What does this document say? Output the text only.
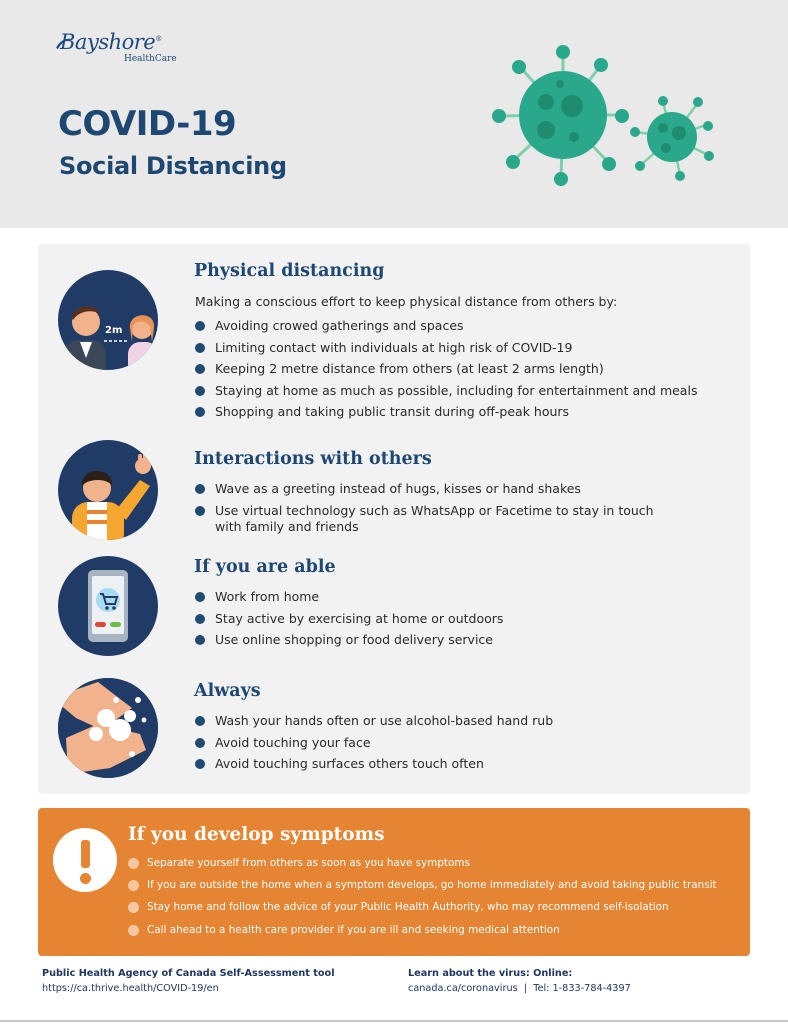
Bayshore®
HealthCare
COVID-19
Social Distancing
2m
Physical distancing
Making a conscious effort to keep physical distance from others by:
Avoiding crowed gatherings and spaces
Limiting contact with individuals at high risk of COVID-19
Keeping 2 metre distance from others (at least 2 arms length)
Staying at home as much as possible, including for entertainment and meals
Shopping and taking public transit during off-peak hours
Interactions with others
Wave as a greeting instead of hugs, kisses or hand shakes
Use virtual technology such as WhatsApp or Facetime to stay in touch
with family and friends
If you are able
Work from home
Stay active by exercising at home or outdoors
Use online shopping or food delivery service
Always
Wash your hands often or use alcohol-based hand rub
Avoid touching your face
Avoid touching surfaces others touch often
If you develop symptoms
Separate yourself from others as soon as you have symptoms
If you are outside the home when a symptom develops, go home immediately and avoid taking public transit
Stay home and follow the advice of your Public Health Authority, who may recommend self-isolation
Call ahead to a health care provider if you are ill and seeking medical attention
Public Health Agency of Canada Self-Assessment tool
https://ca.thrive.health/COVID-19/en
Learn about the virus: Online:
canada.ca/coronavirus  |  Tel: 1-833-784-4397
